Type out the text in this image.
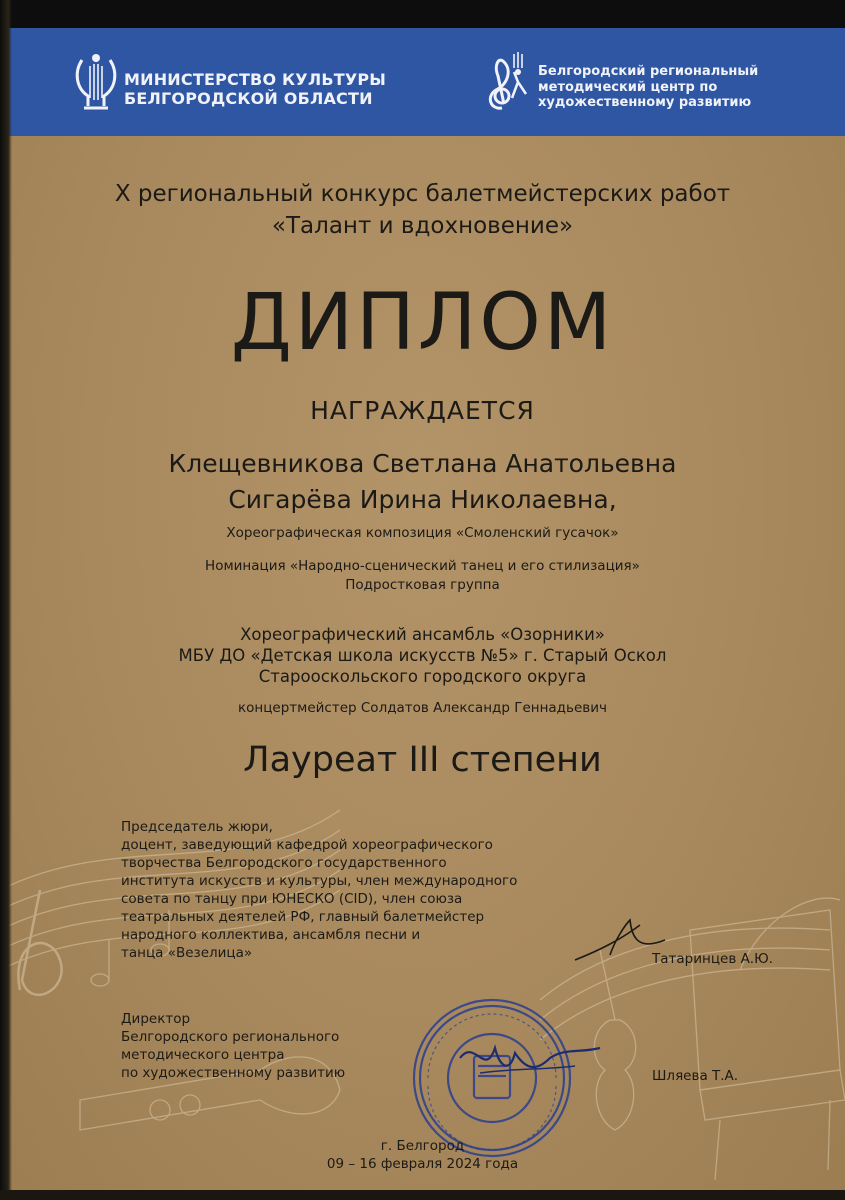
МИНИСТЕРСТВО КУЛЬТУРЫ
БЕЛГОРОДСКОЙ ОБЛАСТИ
Белгородский региональный
методический центр по
художественному развитию
X региональный конкурс балетмейстерских работ
«Талант и вдохновение»
ДИПЛОМ
НАГРАЖДАЕТСЯ
Клещевникова Светлана Анатольевна
Сигарёва Ирина Николаевна,
Хореографическая композиция «Смоленский гусачок»
Номинация «Народно-сценический танец и его стилизация»
Подростковая группа
Хореографический ансамбль «Озорники»
МБУ ДО «Детская школа искусств №5» г. Старый Оскол
Старооскольского городского округа
концертмейстер Солдатов Александр Геннадьевич
Лауреат III степени
Председатель жюри,
доцент, заведующий кафедрой хореографического
творчества Белгородского государственного
института искусств и культуры, член международного
совета по танцу при ЮНЕСКО (CID), член союза
театральных деятелей РФ, главный балетмейстер
народного коллектива, ансамбля песни и
танца «Везелица»	Татаринцев А.Ю.
Директор
Белгородского регионального
методического центра
по художественному развитию	Шляева Т.А.
г. Белгород
09 – 16 февраля 2024 года
